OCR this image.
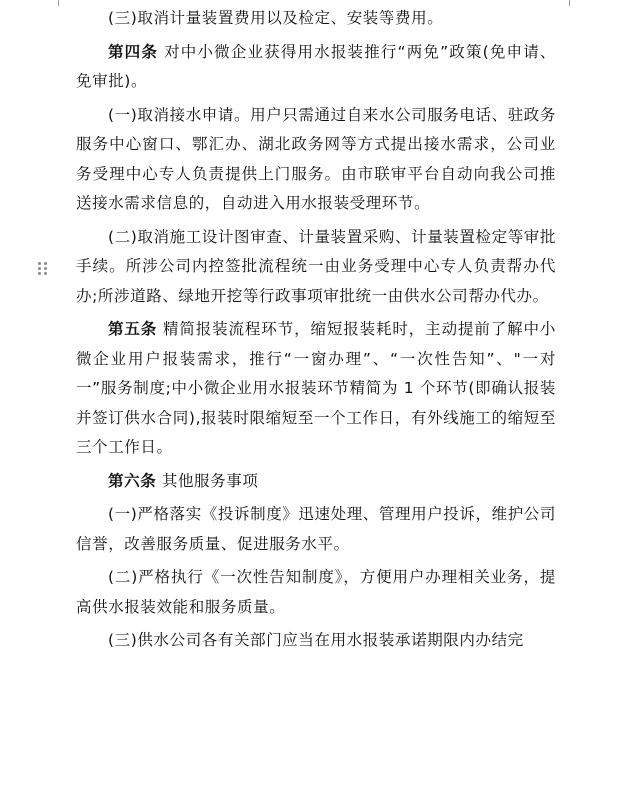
(三)取消计量装置费用以及检定、安装等费用。

第四条 对中小微企业获得用水报装推行“两免”政策(免申请、免审批)。

(一)取消接水申请。用户只需通过自来水公司服务电话、驻政务服务中心窗口、鄂汇办、湖北政务网等方式提出接水需求，公司业务受理中心专人负责提供上门服务。由市联审平台自动向我公司推送接水需求信息的，自动进入用水报装受理环节。

(二)取消施工设计图审查、计量装置采购、计量装置检定等审批手续。所涉公司内控签批流程统一由业务受理中心专人负责帮办代办;所涉道路、绿地开挖等行政事项审批统一由供水公司帮办代办。

第五条 精简报装流程环节，缩短报装耗时，主动提前了解中小微企业用户报装需求，推行“一窗办理”、“一次性告知”、"一对一”服务制度;中小微企业用水报装环节精简为 1 个环节(即确认报装并签订供水合同),报装时限缩短至一个工作日，有外线施工的缩短至三个工作日。

第六条 其他服务事项

(一)严格落实《投诉制度》迅速处理、管理用户投诉，维护公司信誉，改善服务质量、促进服务水平。

(二)严格执行《一次性告知制度》，方便用户办理相关业务，提高供水报装效能和服务质量。

(三)供水公司各有关部门应当在用水报装承诺期限内办结完
